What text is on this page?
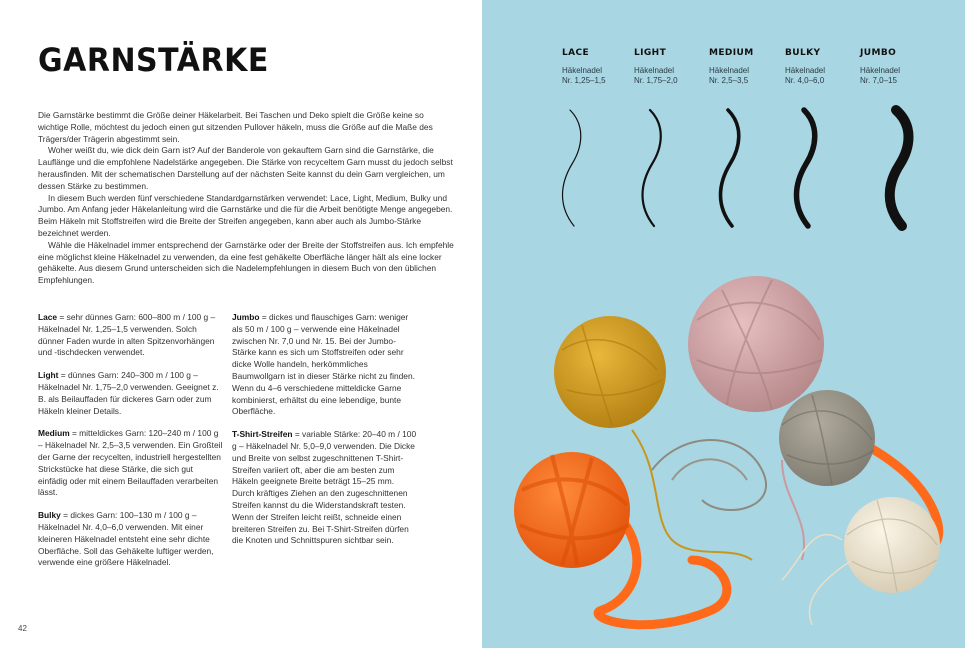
GARNSTÄRKE

Die Garnstärke bestimmt die Größe deiner Häkelarbeit. Bei Taschen und Deko spielt die Größe keine so wichtige Rolle, möchtest du jedoch einen gut sitzenden Pullover häkeln, muss die Größe auf die Maße des Trägers/der Trägerin abgestimmt sein.

Woher weißt du, wie dick dein Garn ist? Auf der Banderole von gekauftem Garn sind die Garnstärke, die Lauflänge und die empfohlene Nadelstärke angegeben. Die Stärke von recyceltem Garn musst du jedoch selbst herausfinden. Mit der schematischen Darstellung auf der nächsten Seite kannst du dein Garn vergleichen, um dessen Stärke zu bestimmen.

In diesem Buch werden fünf verschiedene Standardgarnstärken verwendet: Lace, Light, Medium, Bulky und Jumbo. Am Anfang jeder Häkelanleitung wird die Garnstärke und die für die Arbeit benötigte Menge angegeben. Beim Häkeln mit Stoffstreifen wird die Breite der Streifen angegeben, kann aber auch als Jumbo-Stärke bezeichnet werden.

Wähle die Häkelnadel immer entsprechend der Garnstärke oder der Breite der Stoffstreifen aus. Ich empfehle eine möglichst kleine Häkelnadel zu verwenden, da eine fest gehäkelte Oberfläche länger hält als eine locker gehäkelte. Aus diesem Grund unterscheiden sich die Nadelempfehlungen in diesem Buch von den üblichen Empfehlungen.

Lace = sehr dünnes Garn: 600–800 m / 100 g – Häkelnadel Nr. 1,25–1,5 verwenden. Solch dünner Faden wurde in alten Spitzenvorhängen und -tischdecken verwendet.

Light = dünnes Garn: 240–300 m / 100 g – Häkelnadel Nr. 1,75–2,0 verwenden. Geeignet z. B. als Beilauffaden für dickeres Garn oder zum Häkeln kleiner Details.

Medium = mitteldickes Garn: 120–240 m / 100 g – Häkelnadel Nr. 2,5–3,5 verwenden. Ein Großteil der Garne der recycelten, industriell hergestellten Strickstücke hat diese Stärke, die sich gut einfädig oder mit einem Beilauffaden verarbeiten lässt.

Bulky = dickes Garn: 100–130 m / 100 g – Häkelnadel Nr. 4,0–6,0 verwenden. Mit einer kleineren Häkelnadel entsteht eine sehr dichte Oberfläche. Soll das Gehäkelte luftiger werden, verwende eine größere Häkelnadel.

Jumbo = dickes und flauschiges Garn: weniger als 50 m / 100 g – verwende eine Häkelnadel zwischen Nr. 7,0 und Nr. 15. Bei der Jumbo-Stärke kann es sich um Stoffstreifen oder sehr dicke Wolle handeln, herkömmliches Baumwollgarn ist in dieser Stärke nicht zu finden. Wenn du 4–6 verschiedene mitteldicke Garne kombinierst, erhältst du eine lebendige, bunte Oberfläche.

T-Shirt-Streifen = variable Stärke: 20–40 m / 100 g – Häkelnadel Nr. 5,0–9,0 verwenden. Die Dicke und Breite von selbst zugeschnittenen T-Shirt-Streifen variiert oft, aber die am besten zum Häkeln geeignete Breite beträgt 15–25 mm. Durch kräftiges Ziehen an den zugeschnittenen Streifen kannst du die Widerstandskraft testen. Wenn der Streifen leicht reißt, schneide einen breiteren Streifen zu. Bei T-Shirt-Streifen dürfen die Knoten und Schnittspuren sichtbar sein.

42
LACE
Häkelnadel
Nr. 1,25–1,5
LIGHT
Häkelnadel
Nr. 1,75–2,0
MEDIUM
Häkelnadel
Nr. 2,5–3,5
BULKY
Häkelnadel
Nr. 4,0–6,0
JUMBO
Häkelnadel
Nr. 7,0–15
